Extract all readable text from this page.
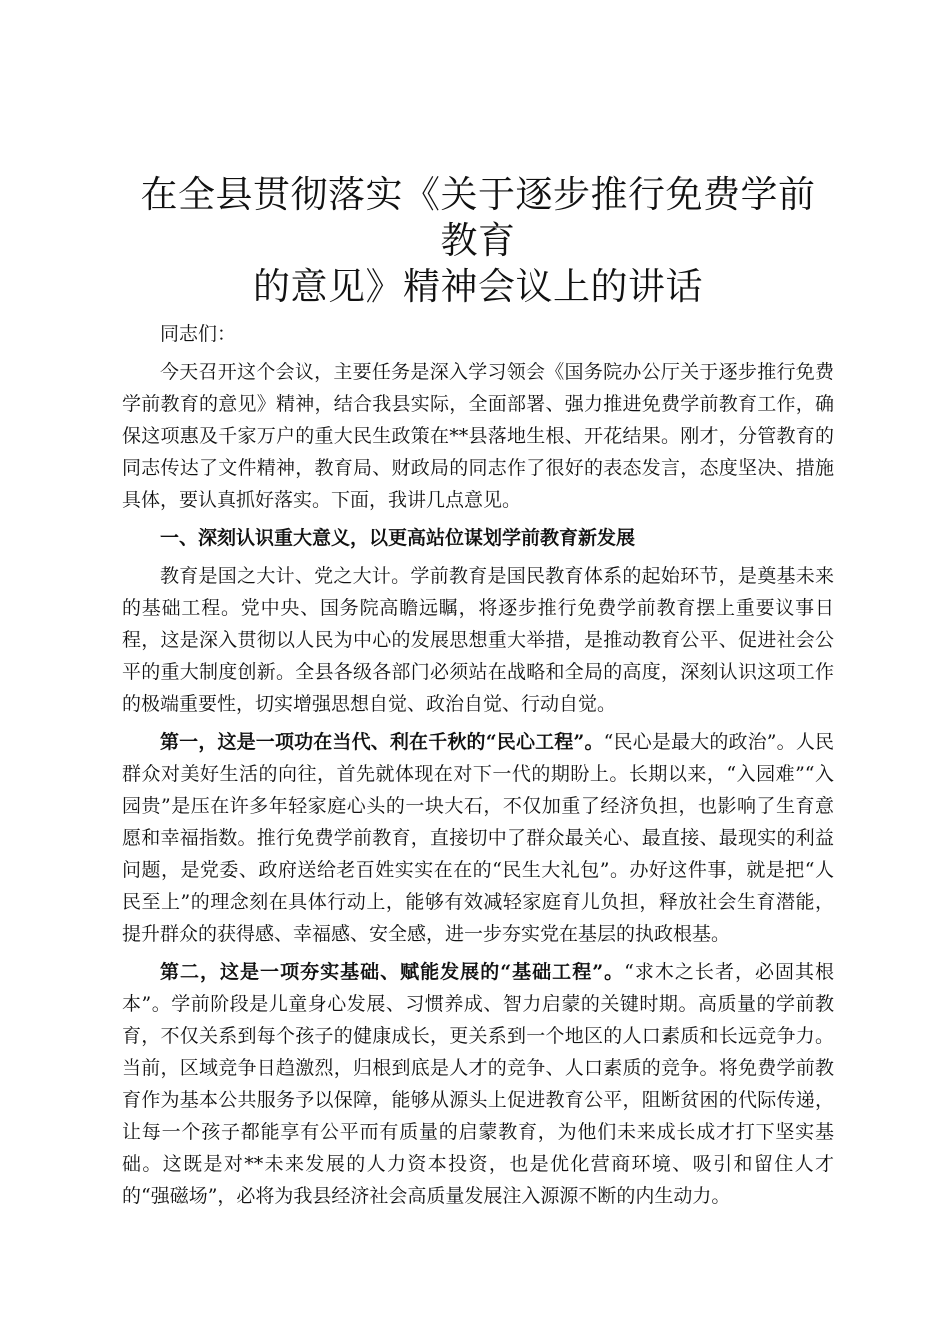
在全县贯彻落实《关于逐步推行免费学前教育
的意见》精神会议上的讲话

同志们：

今天召开这个会议，主要任务是深入学习领会《国务院办公厅关于逐步推行免费学前教育的意见》精神，结合我县实际，全面部署、强力推进免费学前教育工作，确保这项惠及千家万户的重大民生政策在**县落地生根、开花结果。刚才，分管教育的同志传达了文件精神，教育局、财政局的同志作了很好的表态发言，态度坚决、措施具体，要认真抓好落实。下面，我讲几点意见。

一、深刻认识重大意义，以更高站位谋划学前教育新发展

教育是国之大计、党之大计。学前教育是国民教育体系的起始环节，是奠基未来的基础工程。党中央、国务院高瞻远瞩，将逐步推行免费学前教育摆上重要议事日程，这是深入贯彻以人民为中心的发展思想重大举措，是推动教育公平、促进社会公平的重大制度创新。全县各级各部门必须站在战略和全局的高度，深刻认识这项工作的极端重要性，切实增强思想自觉、政治自觉、行动自觉。

第一，这是一项功在当代、利在千秋的“民心工程”。“民心是最大的政治”。人民群众对美好生活的向往，首先就体现在对下一代的期盼上。长期以来，“入园难”“入园贵”是压在许多年轻家庭心头的一块大石，不仅加重了经济负担，也影响了生育意愿和幸福指数。推行免费学前教育，直接切中了群众最关心、最直接、最现实的利益问题，是党委、政府送给老百姓实实在在的“民生大礼包”。办好这件事，就是把“人民至上”的理念刻在具体行动上，能够有效减轻家庭育儿负担，释放社会生育潜能，提升群众的获得感、幸福感、安全感，进一步夯实党在基层的执政根基。

第二，这是一项夯实基础、赋能发展的“基础工程”。“求木之长者，必固其根本”。学前阶段是儿童身心发展、习惯养成、智力启蒙的关键时期。高质量的学前教育，不仅关系到每个孩子的健康成长，更关系到一个地区的人口素质和长远竞争力。当前，区域竞争日趋激烈，归根到底是人才的竞争、人口素质的竞争。将免费学前教育作为基本公共服务予以保障，能够从源头上促进教育公平，阻断贫困的代际传递，让每一个孩子都能享有公平而有质量的启蒙教育，为他们未来成长成才打下坚实基础。这既是对**未来发展的人力资本投资，也是优化营商环境、吸引和留住人才的“强磁场”，必将为我县经济社会高质量发展注入源源不断的内生动力。
